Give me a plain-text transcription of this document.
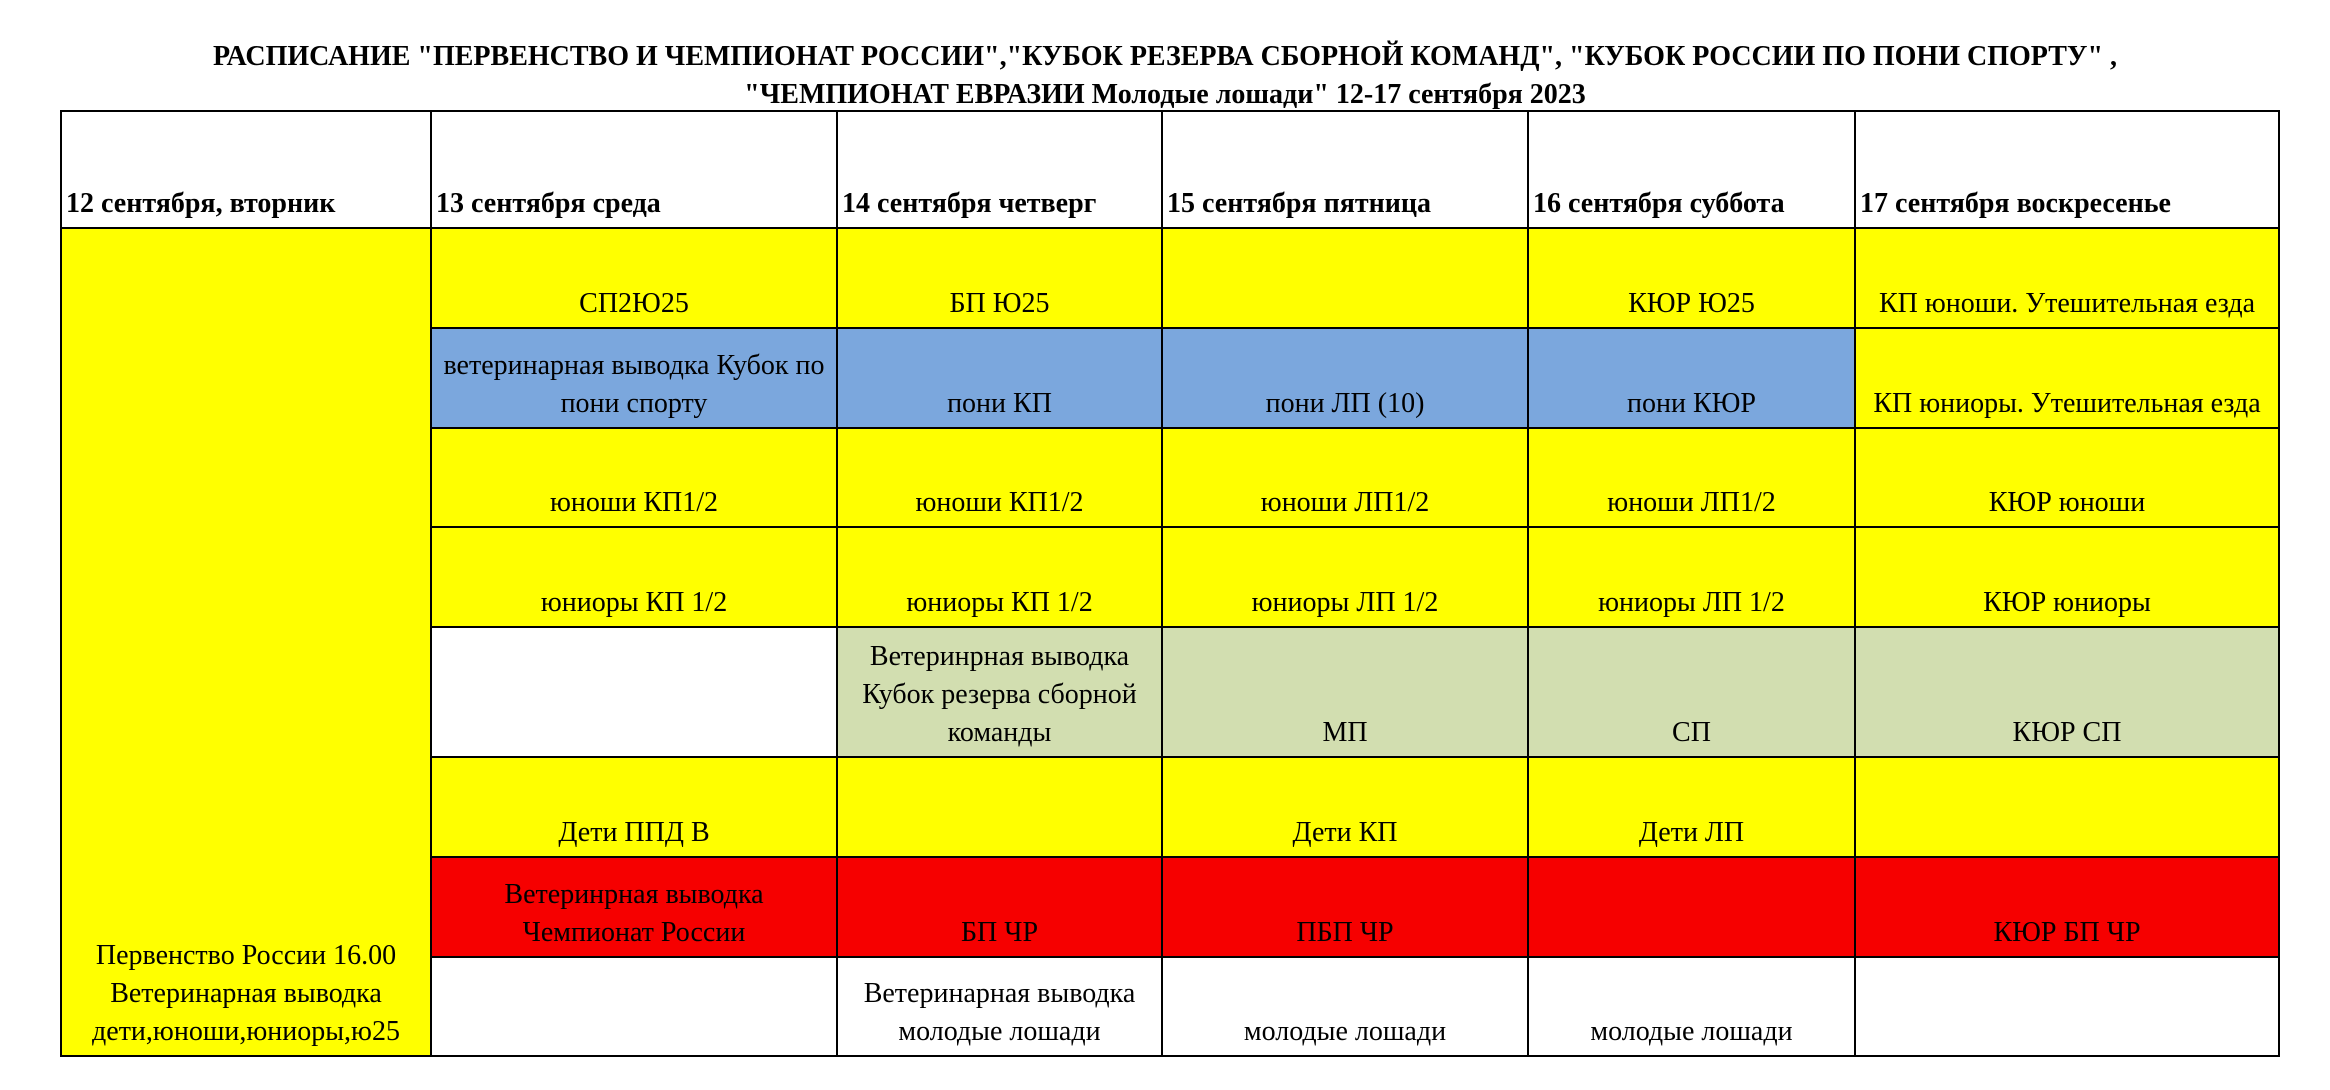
РАСПИСАНИЕ "ПЕРВЕНСТВО И ЧЕМПИОНАТ РОССИИ","КУБОК РЕЗЕРВА СБОРНОЙ КОМАНД", "КУБОК РОССИИ ПО ПОНИ СПОРТУ" ,
"ЧЕМПИОНАТ ЕВРАЗИИ Молодые лошади" 12-17 сентября 2023
12 сентября, вторник	13 сентября среда	14 сентября четверг	15 сентября пятница	16 сентября суббота	17 сентября воскресенье
Первенство России 16.00 Ветеринарная выводка дети,юноши,юниоры,ю25	СП2Ю25	БП Ю25		КЮР Ю25	КП юноши. Утешительная езда
	ветеринарная выводка Кубок по пони спорту	пони КП	пони ЛП (10)	пони КЮР	КП юниоры. Утешительная езда
	юноши КП1/2	юноши КП1/2	юноши ЛП1/2	юноши ЛП1/2	КЮР юноши
	юниоры КП 1/2	юниоры КП 1/2	юниоры ЛП 1/2	юниоры ЛП 1/2	КЮР юниоры
		Ветеринрная выводка Кубок резерва сборной команды	МП	СП	КЮР СП
	Дети ППД В		Дети КП	Дети ЛП	
	Ветеринрная выводка Чемпионат России	БП ЧР	ПБП ЧР		КЮР БП ЧР
		Ветеринарная выводка молодые лошади	молодые лошади	молодые лошади	
